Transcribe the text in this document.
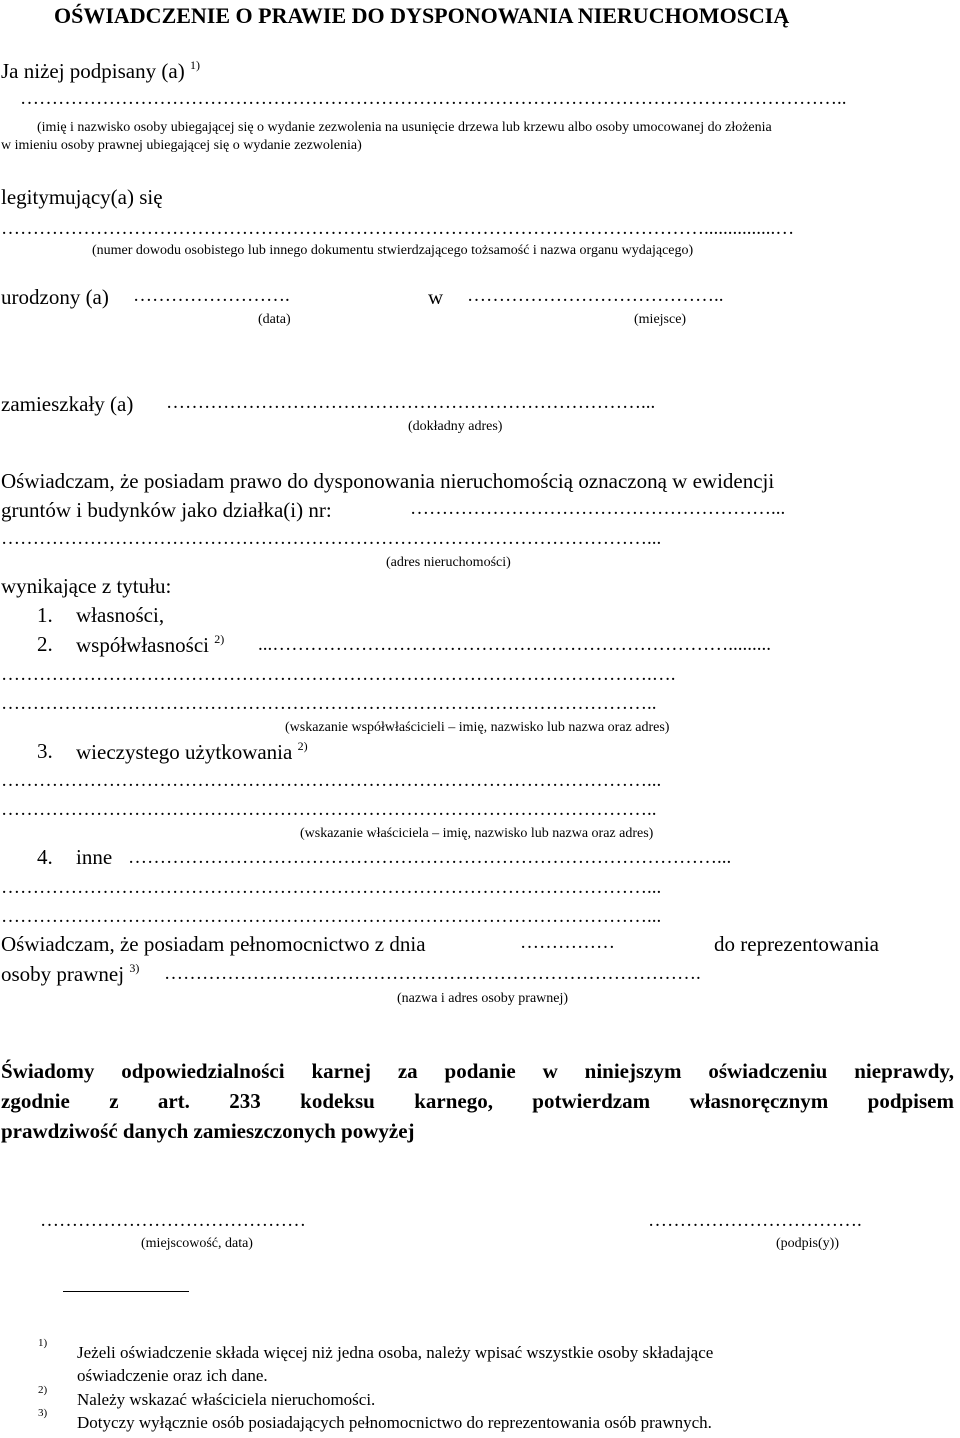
OŚWIADCZENIE O PRAWIE DO DYSPONOWANIA NIERUCHOMOSCIĄ
Ja niżej podpisany (a) $^{1)}$
…………………………………………………………………………………………………………………..
(imię i nazwisko osoby ubiegającej się o wydanie zezwolenia na usunięcie drzewa lub krzewu albo osoby umocowanej do złożenia
w imieniu osoby prawnej ubiegającej się o wydanie zezwolenia)
legitymujący(a) się
…………………………………………………………………………………………………...............…
(numer dowodu osobistego lub innego dokumentu stwierdzającego tożsamość i nazwa organu wydającego)
urodzony (a) …………………….	w …………………………………..
(data)	(miejsce)
zamieszkały (a) …………………………………………………………………...
(dokładny adres)
Oświadczam, że posiadam prawo do dysponowania nieruchomością oznaczoną w ewidencji
gruntów i budynków jako działka(i) nr:	…………………………………………………...
…………………………………………………………………………………………...
(adres nieruchomości)
wynikające z tytułu:
1. własności,
2. współwłasności $^{2)}$ ...……………………………………………………………….........
………………………………………………………………………………………….….
…………………………………………………………………………………………..
(wskazanie współwłaścicieli – imię, nazwisko lub nazwa oraz adres)
3. wieczystego użytkowania $^{2)}$
…………………………………………………………………………………………...
…………………………………………………………………………………………..
(wskazanie właściciela – imię, nazwisko lub nazwa oraz adres)
4. inne …………………………………………………………………………………...
…………………………………………………………………………………………...
…………………………………………………………………………………………...
Oświadczam, że posiadam pełnomocnictwo z dnia	……………	do reprezentowania
osoby prawnej $^{3)}$ ………………………………………………………………………….
(nazwa i adres osoby prawnej)
Świadomy odpowiedzialności karnej za podanie w niniejszym oświadczeniu nieprawdy,
zgodnie z art. 233 kodeksu karnego, potwierdzam własnoręcznym podpisem
prawdziwość danych zamieszczonych powyżej
……………………………………
(miejscowość, data)
…………………………….
(podpis(y))
1) Jeżeli oświadczenie składa więcej niż jedna osoba, należy wpisać wszystkie osoby składające
oświadczenie oraz ich dane.
2) Należy wskazać właściciela nieruchomości.
3) Dotyczy wyłącznie osób posiadających pełnomocnictwo do reprezentowania osób prawnych.
